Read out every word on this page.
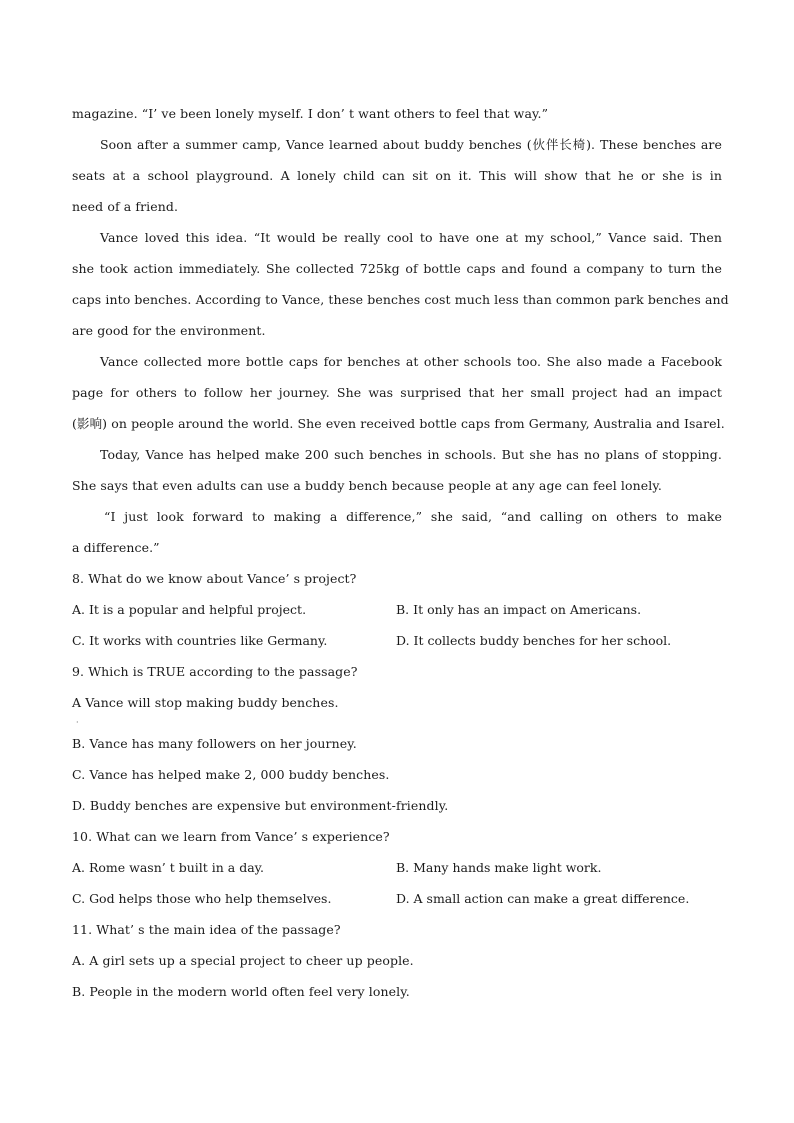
magazine. “I’ ve been lonely myself. I don’ t want others to feel that way.”
Soon after a summer camp, Vance learned about buddy benches (伙伴长椅). These benches are
seats at a school playground. A lonely child can sit on it. This will show that he or she is in
need of a friend.
Vance loved this idea. “It would be really cool to have one at my school,” Vance said. Then
she took action immediately. She collected 725kg of bottle caps and found a company to turn the
caps into benches. According to Vance, these benches cost much less than common park benches and
are good for the environment.
Vance collected more bottle caps for benches at other schools too. She also made a Facebook
page for others to follow her journey. She was surprised that her small project had an impact
(影响) on people around the world. She even received bottle caps from Germany, Australia and Isarel.
Today, Vance has helped make 200 such benches in schools. But she has no plans of stopping.
She says that even adults can use a buddy bench because people at any age can feel lonely.
“I just look forward to making a difference,” she said, “and calling on others to make
a difference.”
8. What do we know about Vance’ s project?
A. It is a popular and helpful project.	B. It only has an impact on Americans.
C. It works with countries like Germany.	D. It collects buddy benches for her school.
9. Which is TRUE according to the passage?
A Vance will stop making buddy benches.
·
B. Vance has many followers on her journey.
C. Vance has helped make 2, 000 buddy benches.
D. Buddy benches are expensive but environment-friendly.
10. What can we learn from Vance’ s experience?
A. Rome wasn’ t built in a day.	B. Many hands make light work.
C. God helps those who help themselves.	D. A small action can make a great difference.
11. What’ s the main idea of the passage?
A. A girl sets up a special project to cheer up people.
B. People in the modern world often feel very lonely.
